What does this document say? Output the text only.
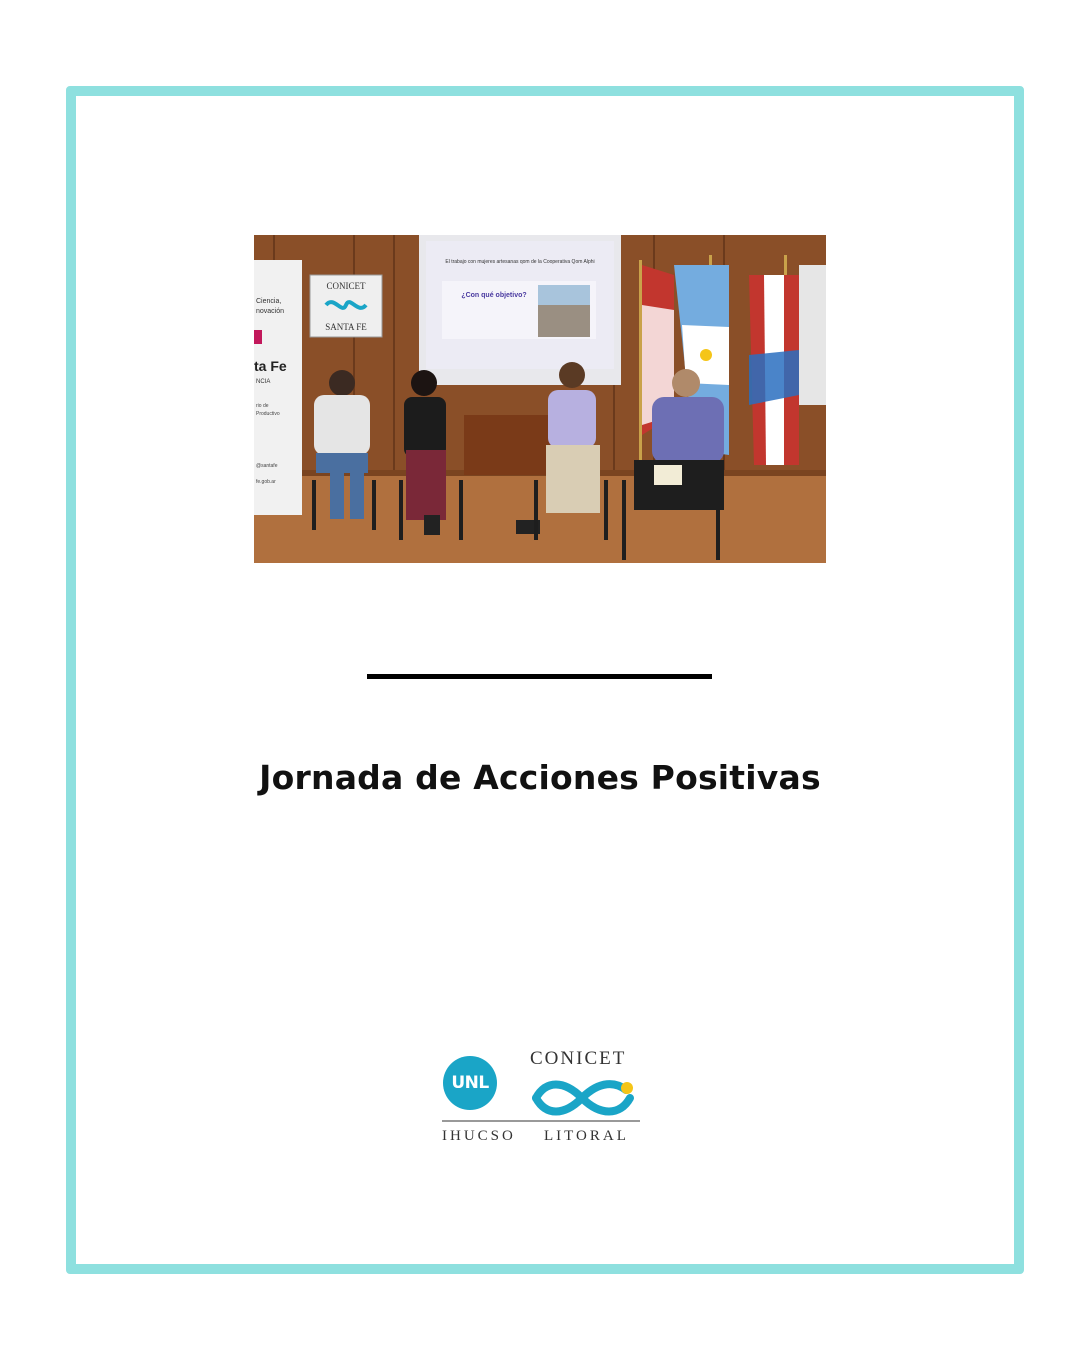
Ciencia,
novación
ta Fe
NCIA
rio de
Productivo
@santafe
fe.gob.ar
CONICET
SANTA FE
El trabajo con mujeres artesanas qom de la Cooperativa Qom Alphi
¿Con qué objetivo?
Jornada de Acciones Positivas
UNL
CONICET
IHUCSO LITORAL
